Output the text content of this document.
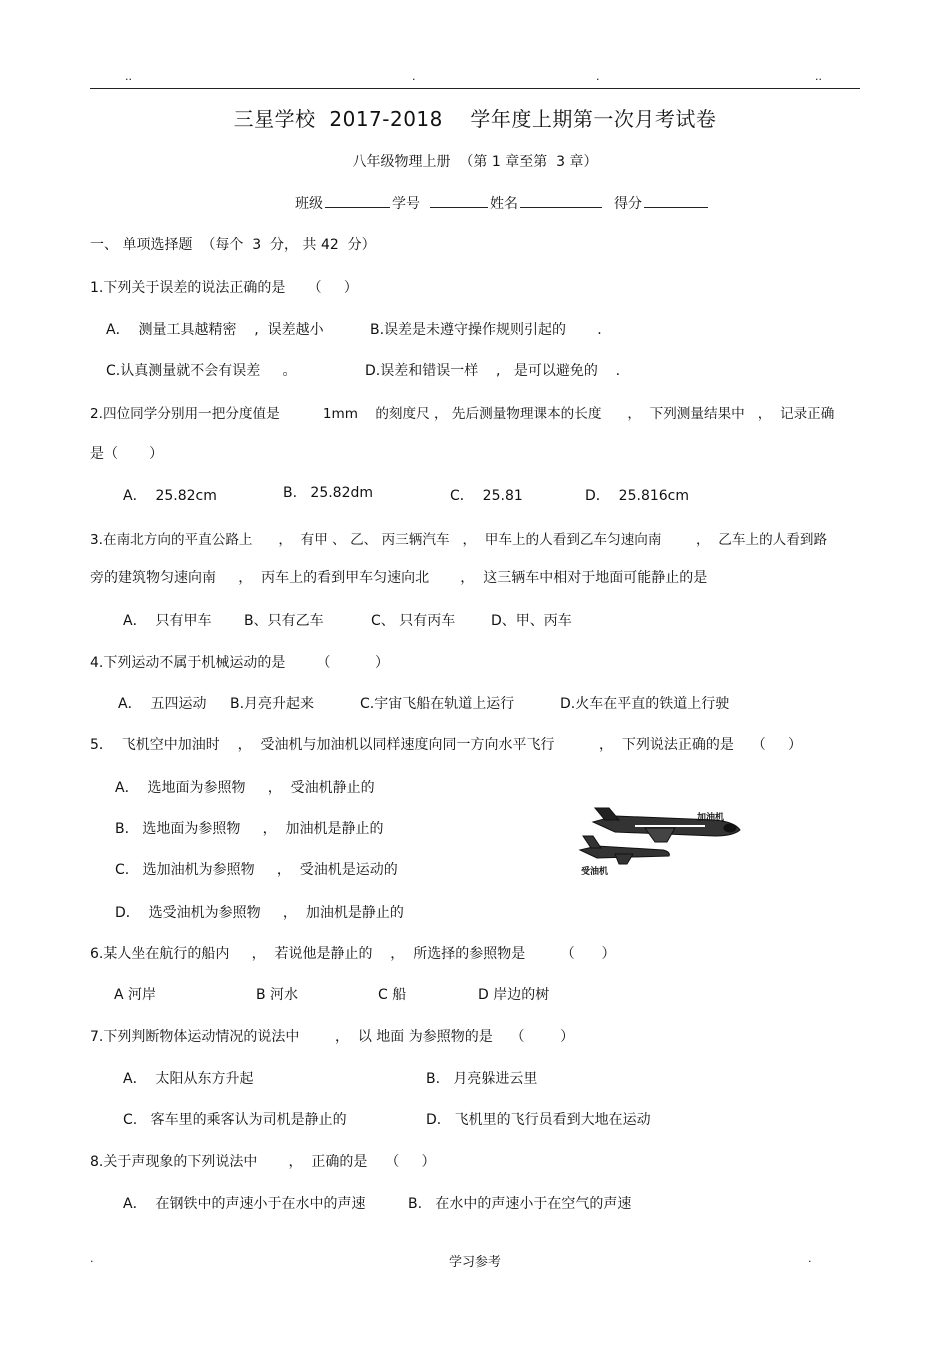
..	.	.	..
三星学校  2017-2018    学年度上期第一次月考试卷
八年级物理上册  （第 1 章至第  3 章）
班级	学号	姓名	得分
一、 单项选择题  （每个  3  分， 共 42  分）
1.下列关于误差的说法正确的是     （     ）
A．  测量工具越精密    ,  误差越小	B.误差是未遵守操作规则引起的       .
C.认真测量就不会有误差     。	D.误差和错误一样    ,   是可以避免的    .
2.四位同学分别用一把分度值是          1mm    的刻度尺 ， 先后测量物理课本的长度      ，  下列测量结果中   ，  记录正确
是（       ）
A．  25.82cm	B.   25.82dm	C．  25.81	D．  25.816cm
3.在南北方向的平直公路上      ，  有甲 、 乙、 丙三辆汽车   ，  甲车上的人看到乙车匀速向南        ，  乙车上的人看到路
旁的建筑物匀速向南     ，  丙车上的看到甲车匀速向北       ，  这三辆车中相对于地面可能静止的是
A．  只有甲车 B、只有乙车	C、 只有丙车	D、甲、丙车
4.下列运动不属于机械运动的是       （          ）
A．  五四运动 B.月亮升起来	C.宇宙飞船在轨道上运行	D.火车在平直的铁道上行驶
5．  飞机空中加油时    ，  受油机与加油机以同样速度向同一方向水平飞行          ，  下列说法正确的是    （     ）
A．  选地面为参照物     ，  受油机静止的
B.   选地面为参照物     ，  加油机是静止的
C.   选加油机为参照物     ，  受油机是运动的
D．  选受油机为参照物     ，  加油机是静止的
加油机
受油机
6.某人坐在航行的船内     ，  若说他是静止的    ，  所选择的参照物是        （      ）
A 河岸	B 河水	C 船	D 岸边的树
7.下列判断物体运动情况的说法中        ，  以 地面 为参照物的是    （        ）
A．  太阳从东方升起	B.   月亮躲进云里
C.   客车里的乘客认为司机是静止的	D.   飞机里的飞行员看到大地在运动
8.关于声现象的下列说法中       ，  正确的是    （     ）
A．  在钢铁中的声速小于在水中的声速	B.   在水中的声速小于在空气的声速
.	学习参考	.
